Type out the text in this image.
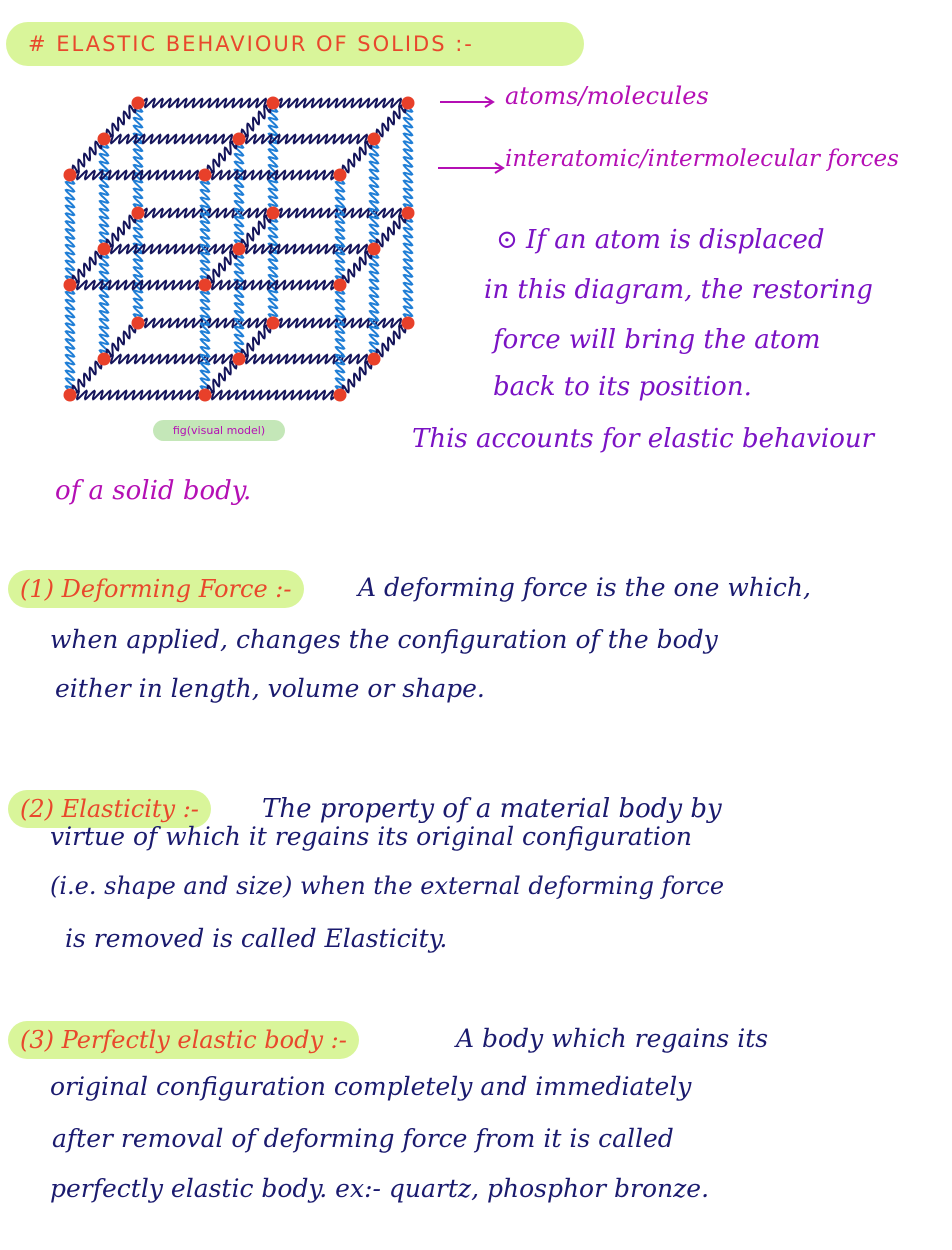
# ELASTIC BEHAVIOUR OF SOLIDS :-
atoms/molecules
interatomic/intermolecular forces
fig(visual model)
⊙ If an atom is displaced
in this diagram, the restoring
force will bring the atom
back to its position.
This accounts for elastic behaviour
of a solid body.
(1) Deforming Force :-	A deforming force is the one which,
when applied, changes the configuration of the body
either in length, volume or shape.
(2) Elasticity :-	The property of a material body by
virtue of which it regains its original configuration
(i.e. shape and size) when the external deforming force
is removed is called Elasticity.
(3) Perfectly elastic body :-	A body which regains its
original configuration completely and immediately
after removal of deforming force from it is called
perfectly elastic body. ex:- quartz, phosphor bronze.
